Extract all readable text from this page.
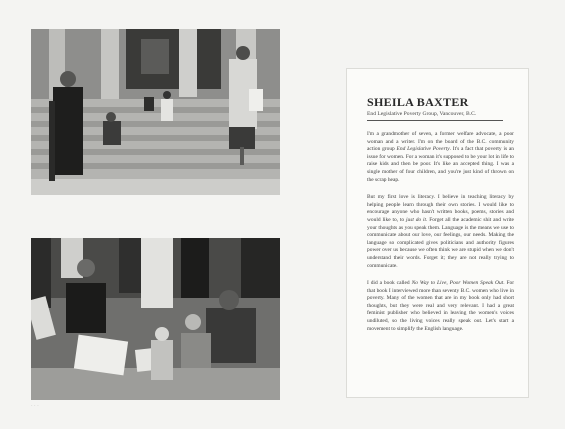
· · ·
SHEILA BAXTER
End Legislative Poverty Group, Vancouver, B.C.

I'm a grandmother of seven, a former welfare advocate, a poor woman and a writer. I'm on the board of the B.C. community action group End Legislative Poverty. It's a fact that poverty is an issue for women. For a woman it's supposed to be your lot in life to raise kids and then be poor. It's like an accepted thing. I was a single mother of four children, and you're just kind of thrown on the scrap heap.

But my first love is literacy. I believe in teaching literacy by helping people learn through their own stories. I would like to encourage anyone who hasn't written books, poems, stories and would like to, to just do it. Forget all the academic shit and write your thoughts as you speak them. Language is the means we use to communicate about our love, our feelings, our needs. Making the language so complicated gives politicians and authority figures power over us because we often think we are stupid when we don't understand their words. Forget it; they are not really trying to communicate.

I did a book called No Way to Live, Poor Women Speak Out. For that book I interviewed more than seventy B.C. women who live in poverty. Many of the women that are in my book only had short thoughts, but they were real and very relevant. I had a great feminist publisher who believed in leaving the women's voices undiluted, so the living voices really speak out. Let's start a movement to simplify the English language.
